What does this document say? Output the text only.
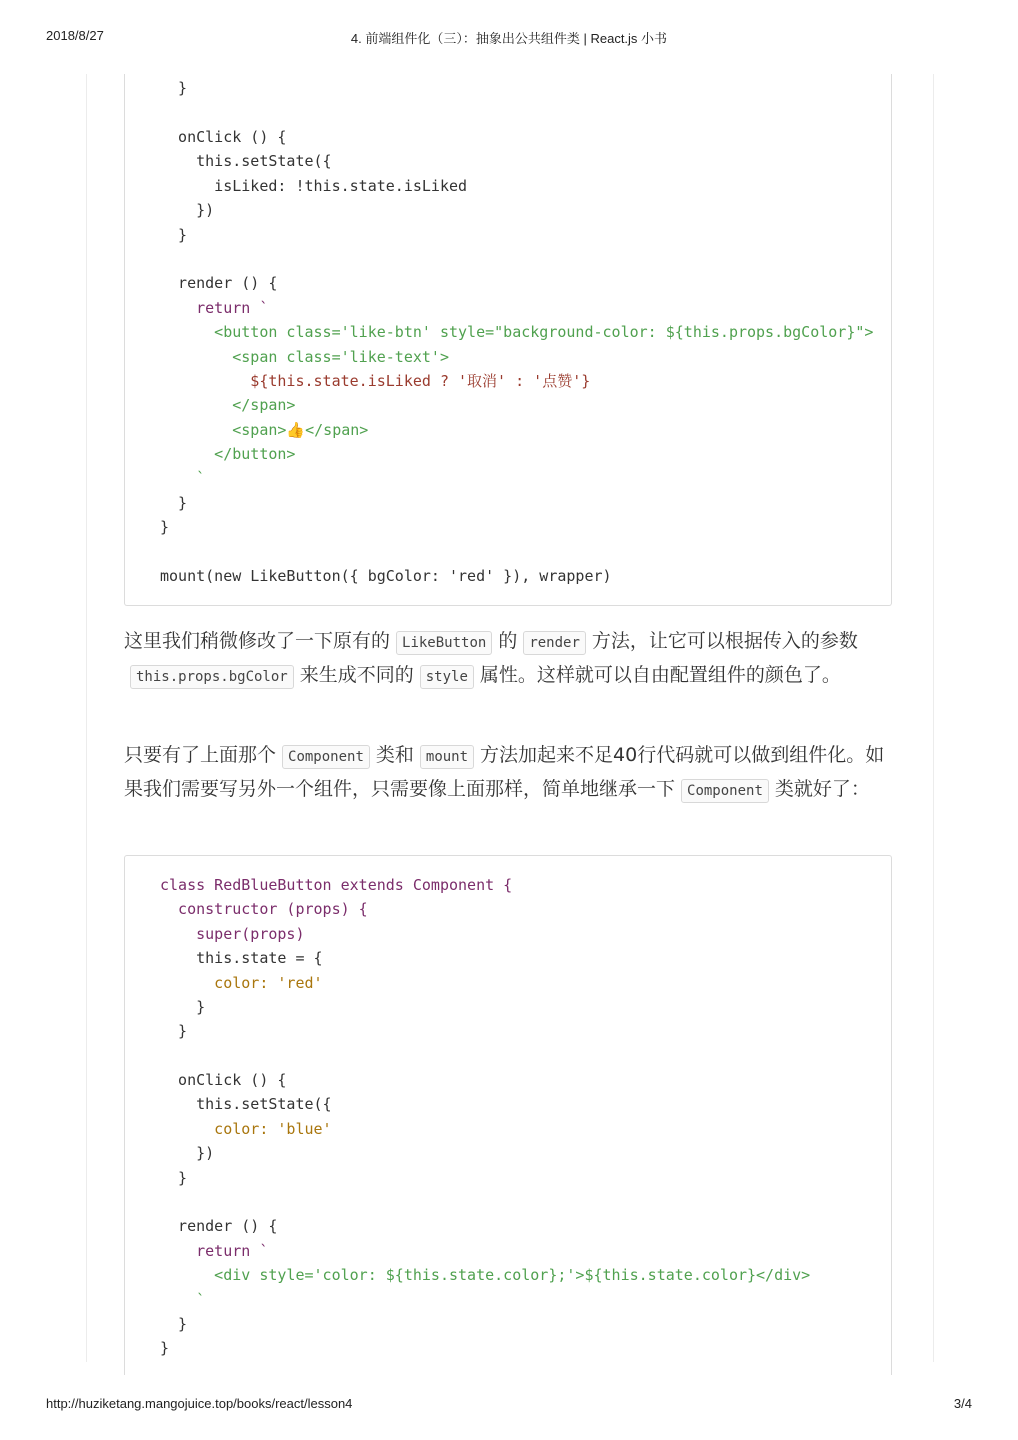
2018/8/27	4. 前端组件化（三）：抽象出公共组件类 | React.js 小书
}
onClick () {
this.setState({
isLiked: !this.state.isLiked
})
}
render () {
return `
<button class='like-btn' style="background-color: ${this.props.bgColor}">
<span class='like-text'>
${this.state.isLiked ? '取消' : '点赞'}
</span>
<span>👍</span>
</button>
`
}
}
mount(new LikeButton({ bgColor: 'red' }), wrapper)

这里我们稍微修改了一下原有的 LikeButton 的 render 方法，让它可以根据传入的参数this.props.bgColor 来生成不同的 style 属性。这样就可以自由配置组件的颜色了。

只要有了上面那个 Component 类和 mount 方法加起来不足40行代码就可以做到组件化。如果我们需要写另外一个组件，只需要像上面那样，简单地继承一下 Component 类就好了：

class RedBlueButton extends Component {
constructor (props) {
super(props)
this.state = {
color: 'red'
}
}
onClick () {
this.setState({
color: 'blue'
})
}
render () {
return `
<div style='color: ${this.state.color};'>${this.state.color}</div>
`
}
}
http://huziketang.mangojuice.top/books/react/lesson4	3/4
